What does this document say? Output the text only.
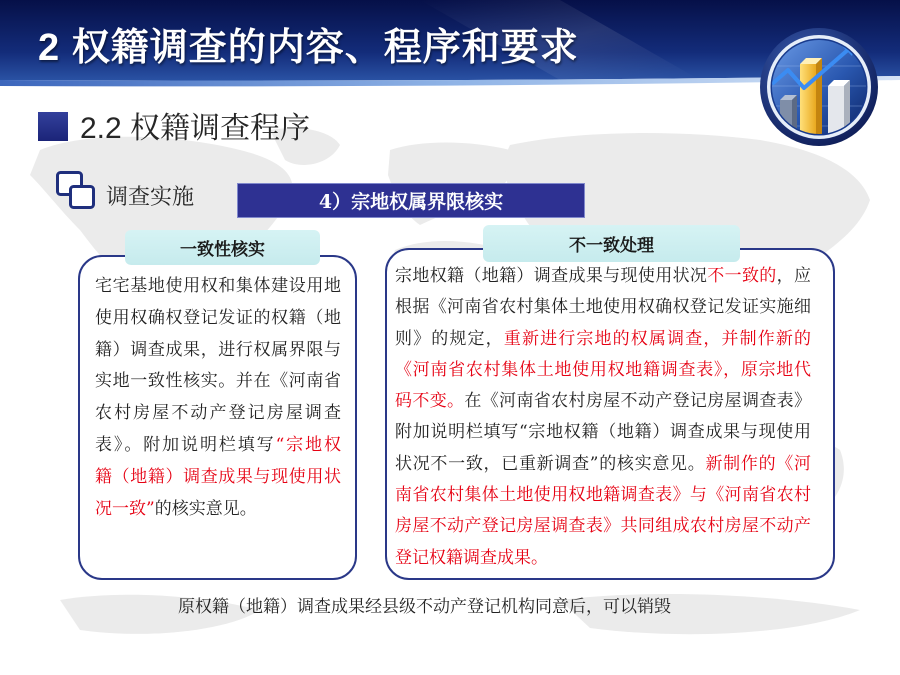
2 权籍调查的内容、程序和要求
2.2 权籍调查程序
调查实施	4）宗地权属界限核实
一致性核实
宅宅基地使用权和集体建设用地
使用权确权登记发证的权籍（地
籍）调查成果，进行权属界限与
实地一致性核实。并在《河南省
农村房屋不动产登记房屋调查
表》。附加说明栏填写“宗地权
籍（地籍）调查成果与现使用状
况一致”的核实意见。
不一致处理
宗地权籍（地籍）调查成果与现使用状况不一致的，应
根据《河南省农村集体土地使用权确权登记发证实施细
则》的规定，重新进行宗地的权属调查，并制作新的
《河南省农村集体土地使用权地籍调查表》，原宗地代
码不变。在《河南省农村房屋不动产登记房屋调查表》
附加说明栏填写“宗地权籍（地籍）调查成果与现使用
状况不一致，已重新调查”的核实意见。新制作的《河
南省农村集体土地使用权地籍调查表》与《河南省农村
房屋不动产登记房屋调查表》共同组成农村房屋不动产
登记权籍调查成果。
原权籍（地籍）调查成果经县级不动产登记机构同意后，可以销毁
